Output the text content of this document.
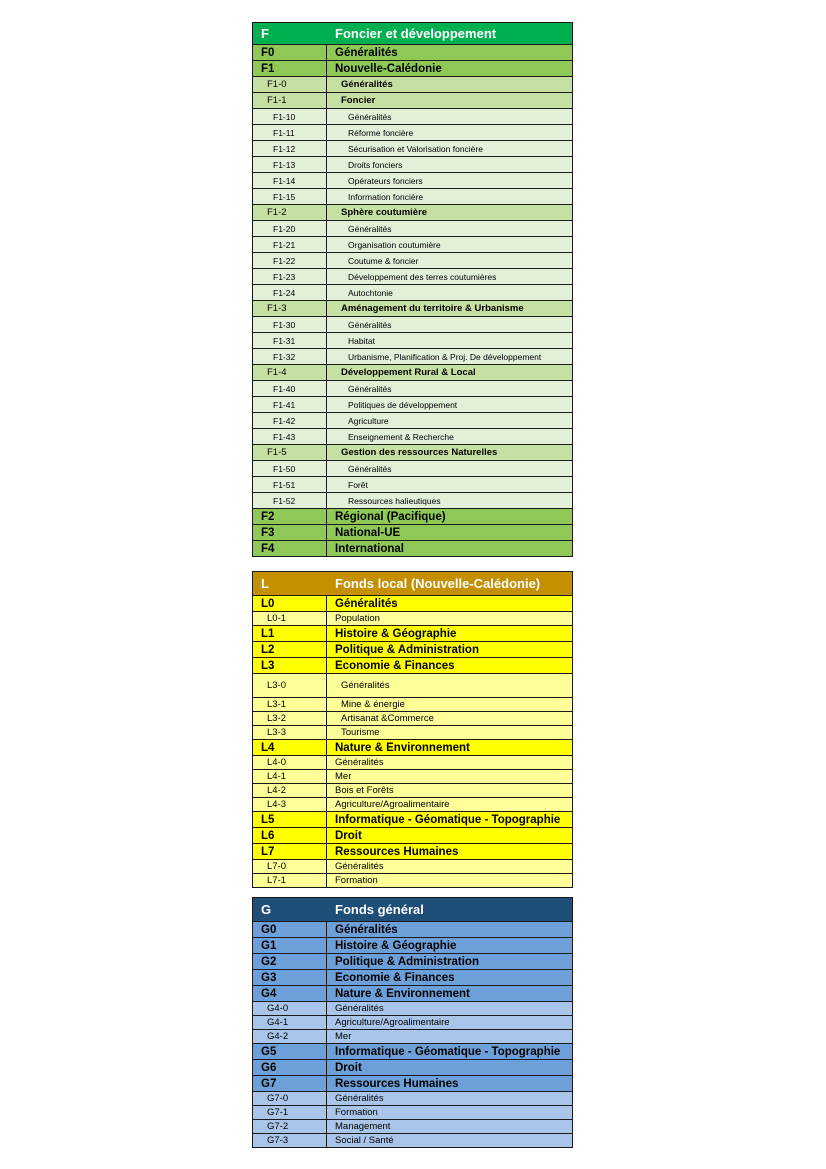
F	Foncier et développement
F0	Généralités
F1	Nouvelle-Calédonie
F1-0	Généralités
F1-1	Foncier
F1-10	Généralités
F1-11	Réforme foncière
F1-12	Sécurisation et Valorisation foncière
F1-13	Droits fonciers
F1-14	Opérateurs fonciers
F1-15	Information foncière
F1-2	Sphère coutumière
F1-20	Généralités
F1-21	Organisation coutumière
F1-22	Coutume & foncier
F1-23	Développement des terres coutumières
F1-24	Autochtonie
F1-3	Aménagement du territoire & Urbanisme
F1-30	Généralités
F1-31	Habitat
F1-32	Urbanisme, Planification & Proj. De développement
F1-4	Développement Rural & Local
F1-40	Généralités
F1-41	Politiques de développement
F1-42	Agriculture
F1-43	Enseignement & Recherche
F1-5	Gestion des ressources Naturelles
F1-50	Généralités
F1-51	Forêt
F1-52	Ressources halieutiques
F2	Régional (Pacifique)
F3	National-UE
F4	International
L	Fonds local (Nouvelle-Calédonie)
L0	Généralités
L0-1	Population
L1	Histoire & Géographie
L2	Politique & Administration
L3	Economie & Finances
L3-0	Généralités
L3-1	Mine & énergie
L3-2	Artisanat &Commerce
L3-3	Tourisme
L4	Nature & Environnement
L4-0	Généralités
L4-1	Mer
L4-2	Bois et Forêts
L4-3	Agriculture/Agroalimentaire
L5	Informatique - Géomatique - Topographie
L6	Droit
L7	Ressources Humaines
L7-0	Généralités
L7-1	Formation
G	Fonds général
G0	Généralités
G1	Histoire & Géographie
G2	Politique & Administration
G3	Economie & Finances
G4	Nature & Environnement
G4-0	Généralités
G4-1	Agriculture/Agroalimentaire
G4-2	Mer
G5	Informatique - Géomatique - Topographie
G6	Droit
G7	Ressources Humaines
G7-0	Généralités
G7-1	Formation
G7-2	Management
G7-3	Social / Santé
